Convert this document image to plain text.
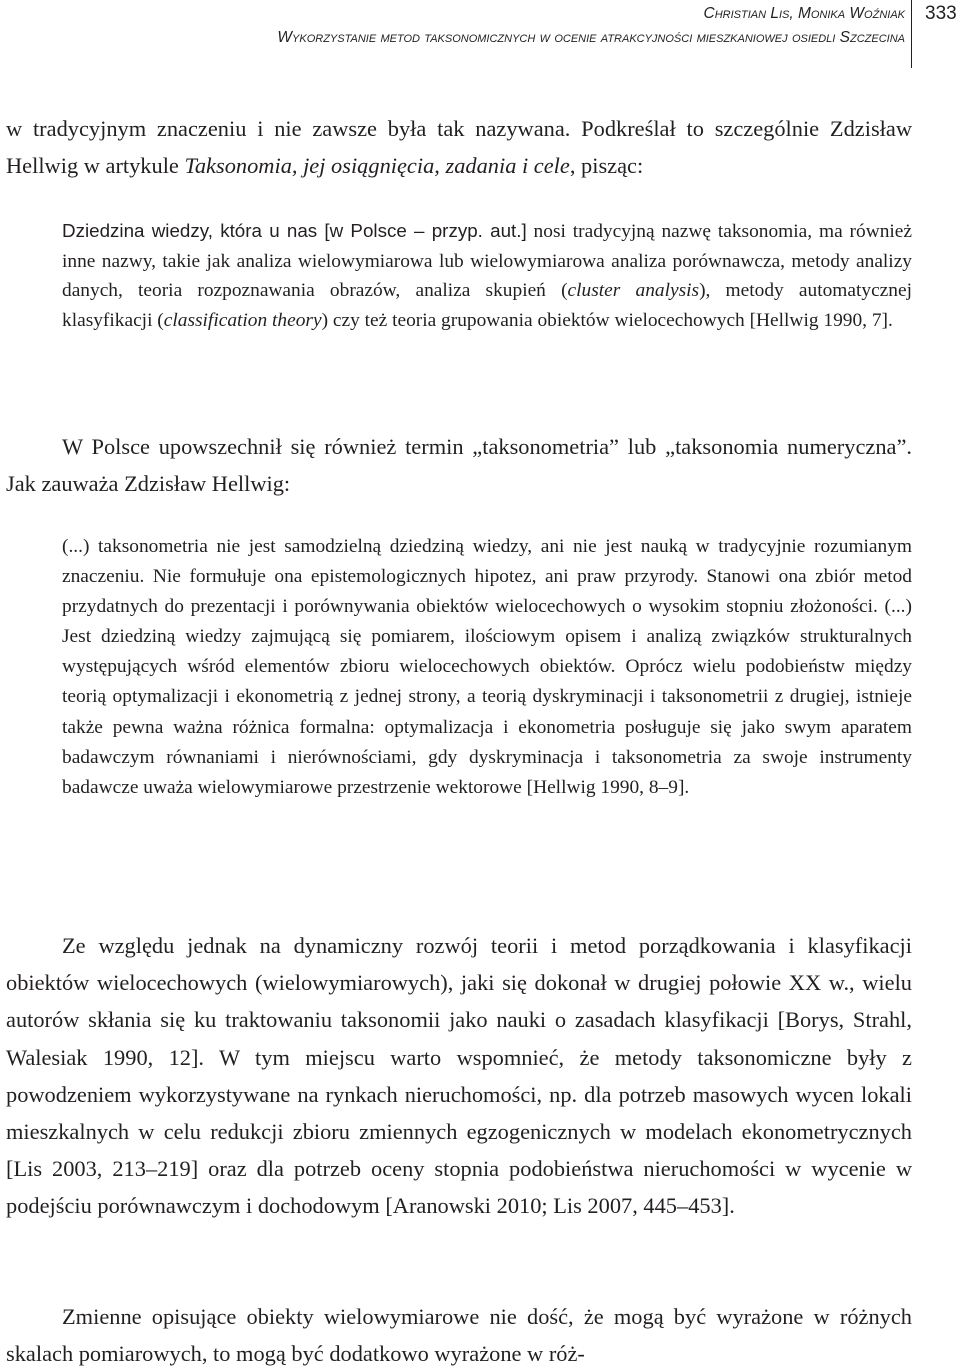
Christian Lis, Monika Woźniak
Wykorzystanie metod taksonomicznych w ocenie atrakcyjności mieszkaniowej osiedli Szczecina
333

w tradycyjnym znaczeniu i nie zawsze była tak nazywana. Podkreślał to szczególnie Zdzisław Hellwig w artykule Taksonomia, jej osiągnięcia, zadania i cele, pisząc:

Dziedzina wiedzy, która u nas [w Polsce – przyp. aut.] nosi tradycyjną nazwę taksonomia, ma również inne nazwy, takie jak analiza wielowymiarowa lub wielowymiarowa analiza porównawcza, metody analizy danych, teoria rozpoznawania obrazów, analiza skupień (cluster analysis), metody automatycznej klasyfikacji (classification theory) czy też teoria grupowania obiektów wielocechowych [Hellwig 1990, 7].

W Polsce upowszechnił się również termin „taksonometria” lub „taksonomia numeryczna”. Jak zauważa Zdzisław Hellwig:

(...) taksonometria nie jest samodzielną dziedziną wiedzy, ani nie jest nauką w tradycyjnie rozumianym znaczeniu. Nie formułuje ona epistemologicznych hipotez, ani praw przyrody. Stanowi ona zbiór metod przydatnych do prezentacji i porównywania obiektów wielocechowych o wysokim stopniu złożoności. (...) Jest dziedziną wiedzy zajmującą się pomiarem, ilościowym opisem i analizą związków strukturalnych występujących wśród elementów zbioru wielocechowych obiektów. Oprócz wielu podobieństw między teorią optymalizacji i ekonometrią z jednej strony, a teorią dyskryminacji i taksonometrii z drugiej, istnieje także pewna ważna różnica formalna: optymalizacja i ekonometria posługuje się jako swym aparatem badawczym równaniami i nierównościami, gdy dyskryminacja i taksonometria za swoje instrumenty badawcze uważa wielowymiarowe przestrzenie wektorowe [Hellwig 1990, 8–9].

Ze względu jednak na dynamiczny rozwój teorii i metod porządkowania i klasyfikacji obiektów wielocechowych (wielowymiarowych), jaki się dokonał w drugiej połowie XX w., wielu autorów skłania się ku traktowaniu taksonomii jako nauki o zasadach klasyfikacji [Borys, Strahl, Walesiak 1990, 12]. W tym miejscu warto wspomnieć, że metody taksonomiczne były z powodzeniem wykorzystywane na rynkach nieruchomości, np. dla potrzeb masowych wycen lokali mieszkalnych w celu redukcji zbioru zmiennych egzogenicznych w modelach ekonometrycznych [Lis 2003, 213–219] oraz dla potrzeb oceny stopnia podobieństwa nieruchomości w wycenie w podejściu porównawczym i dochodowym [Aranowski 2010; Lis 2007, 445–453].

Zmienne opisujące obiekty wielowymiarowe nie dość, że mogą być wyrażone w różnych skalach pomiarowych, to mogą być dodatkowo wyrażone w róż-
